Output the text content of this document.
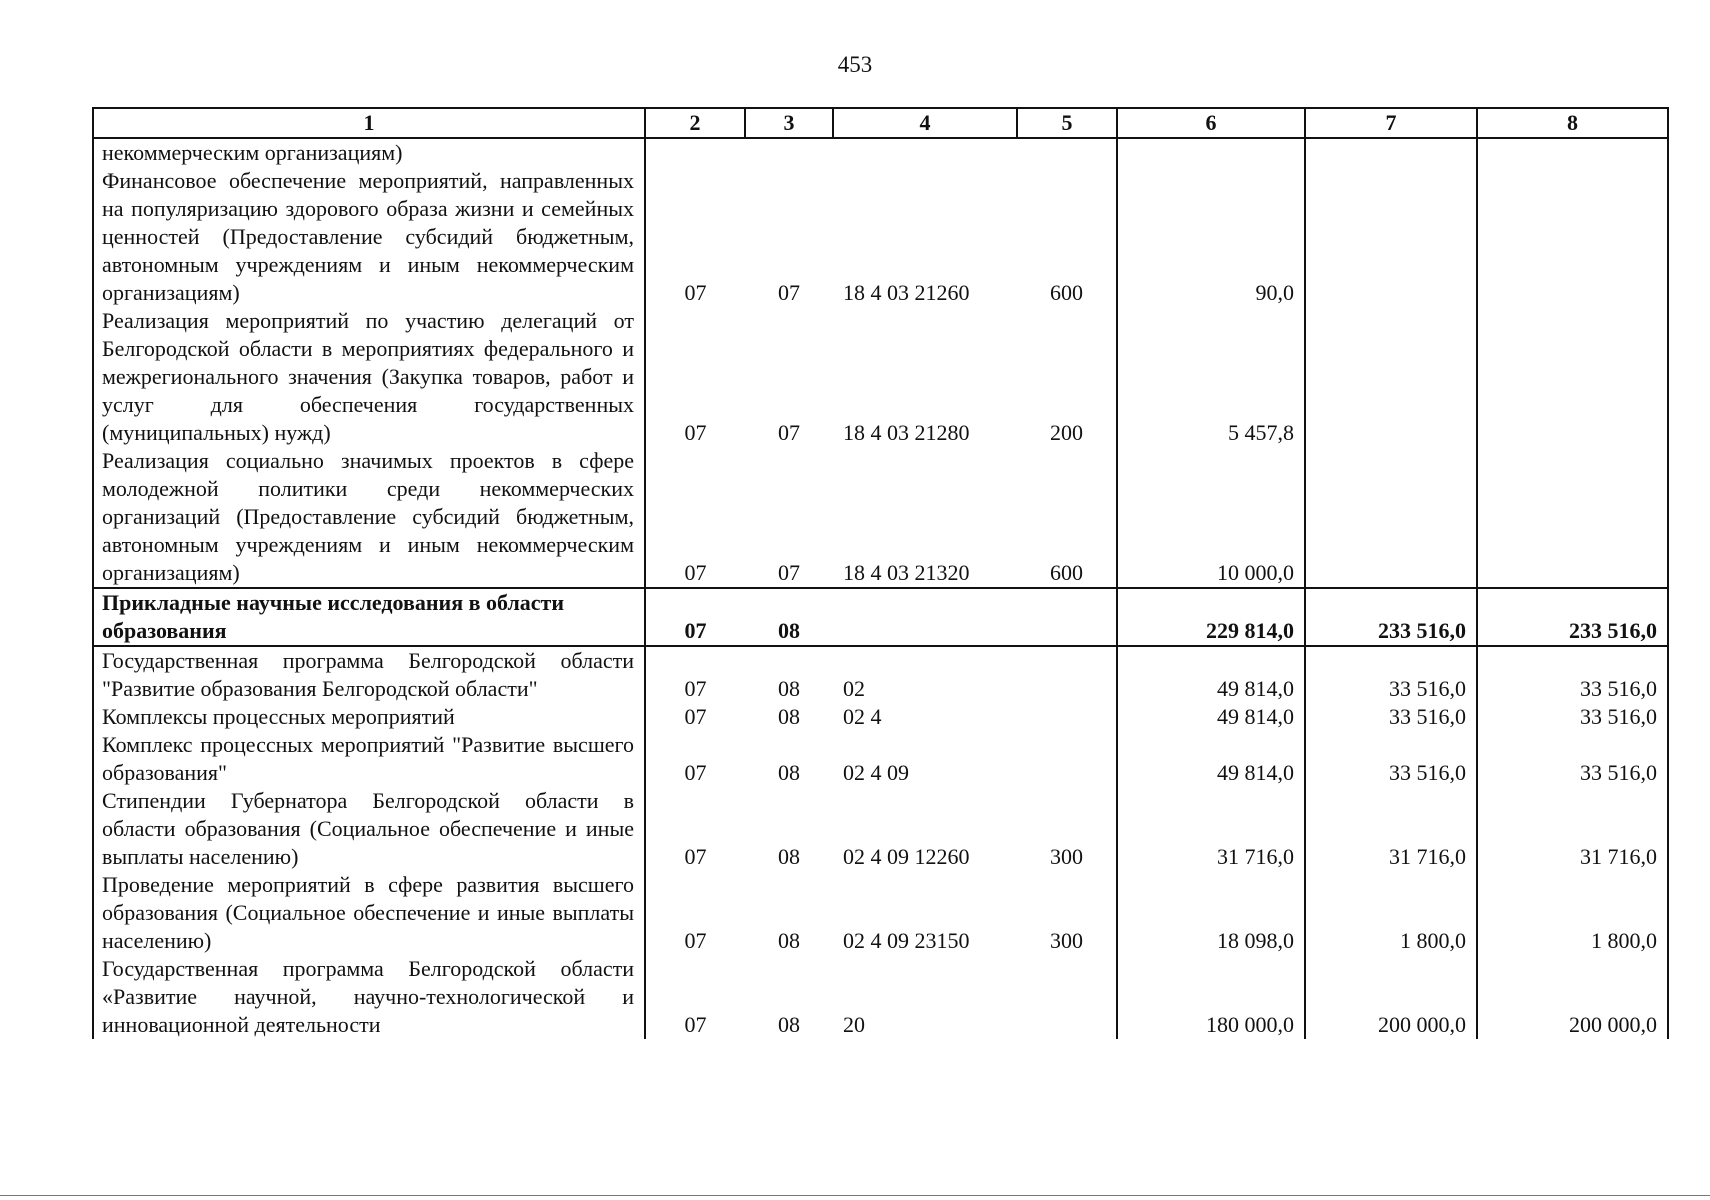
453
1	2	3	4	5	6	7	8
некоммерческим организациям)							
Финансовое обеспечение мероприятий, направленных на популяризацию здорового образа жизни и семейных ценностей (Предоставление субсидий бюджетным, автономным учреждениям и иным некоммерческим организациям)	07	07	18 4 03 21260	600	90,0		
Реализация мероприятий по участию делегаций от Белгородской области в мероприятиях федерального и межрегионального значения (Закупка товаров, работ и услуг для обеспечения государственных (муниципальных) нужд)	07	07	18 4 03 21280	200	5 457,8		
Реализация социально значимых проектов в сфере молодежной политики среди некоммерческих организаций (Предоставление субсидий бюджетным, автономным учреждениям и иным некоммерческим организациям)	07	07	18 4 03 21320	600	10 000,0		
Прикладные научные исследования в области образования	07	08			229 814,0	233 516,0	233 516,0
Государственная программа Белгородской области "Развитие образования Белгородской области"	07	08	02		49 814,0	33 516,0	33 516,0
Комплексы процессных мероприятий	07	08	02 4		49 814,0	33 516,0	33 516,0
Комплекс процессных мероприятий "Развитие высшего образования"	07	08	02 4 09		49 814,0	33 516,0	33 516,0
Стипендии Губернатора Белгородской области в области образования (Социальное обеспечение и иные выплаты населению)	07	08	02 4 09 12260	300	31 716,0	31 716,0	31 716,0
Проведение мероприятий в сфере развития высшего образования (Социальное обеспечение и иные выплаты населению)	07	08	02 4 09 23150	300	18 098,0	1 800,0	1 800,0
Государственная программа Белгородской области «Развитие научной, научно-технологической и инновационной деятельности	07	08	20		180 000,0	200 000,0	200 000,0
